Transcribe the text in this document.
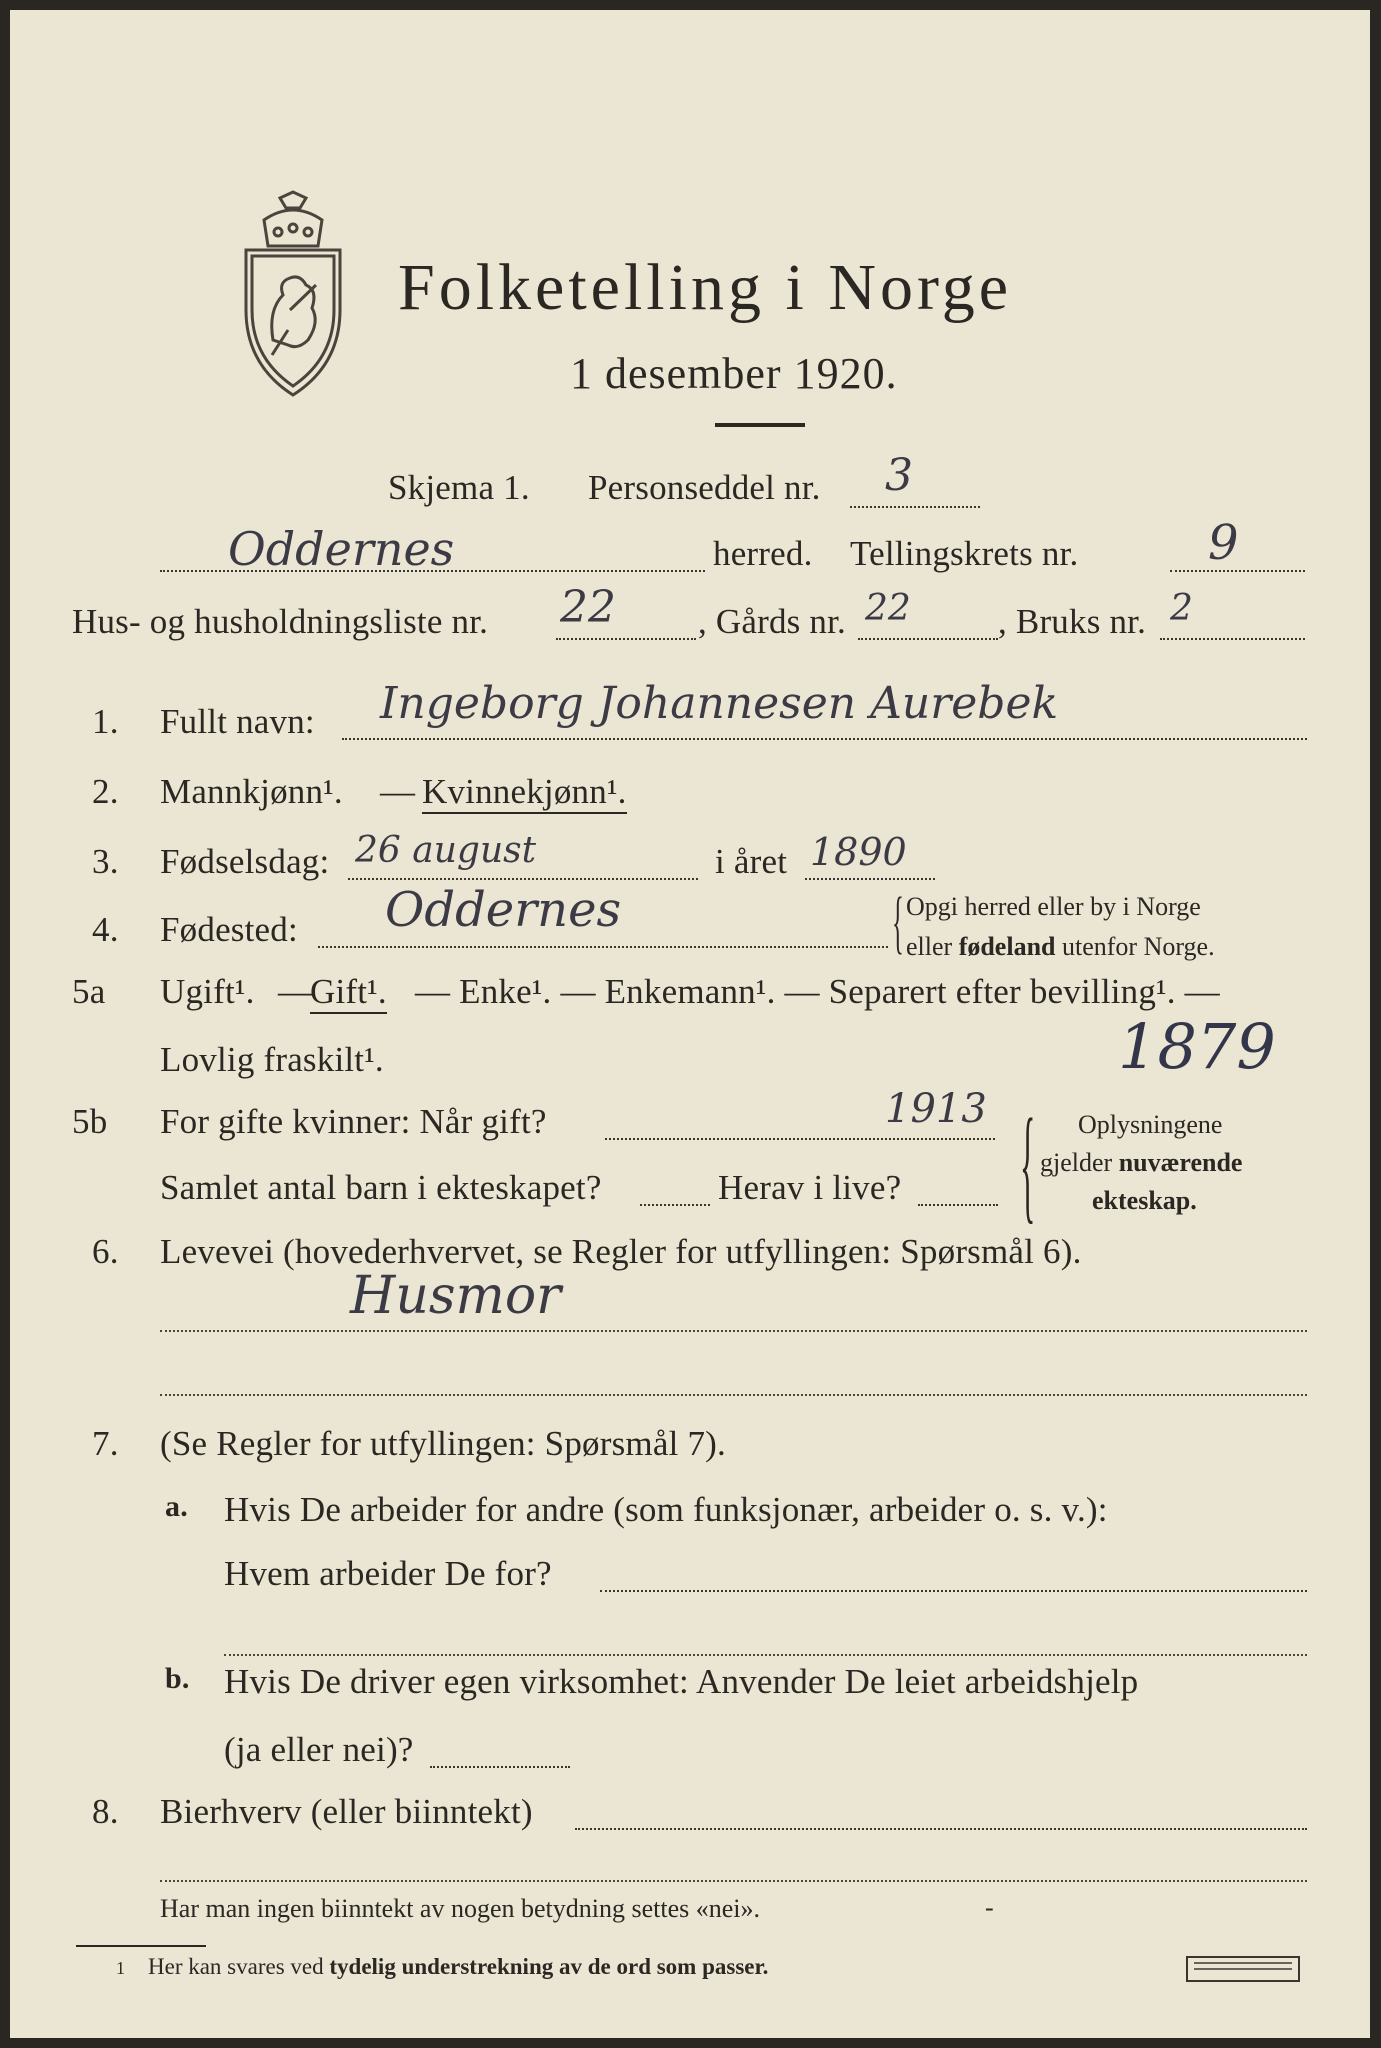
Folketelling i Norge
1 desember 1920.
Skjema 1. Personseddel nr. 3
Oddernes	herred. Tellingskrets nr.	9
Hus- og husholdningsliste nr. 22 , Gårds nr. 22 , Bruks nr. 2
1. Fullt navn: Ingeborg Johannesen Aurebek
2. Mannkjønn¹. — Kvinnekjønn¹.
3. Fødselsdag: 26 august	i året 1890
4. Fødested: Oddernes	{ Opgi herred eller by i Norge
eller fødeland utenfor Norge.
5a Ugift¹. —
Gift¹. — Enke¹. — Enkemann¹. — Separert efter bevilling¹. —
Lovlig fraskilt¹.	1879
5b For gifte kvinner: Når gift?	1913
Samlet antal barn i ekteskapet?	Herav i live? { Oplysningene
gjelder nuværende
ekteskap.
6. Levevei (hovederhvervet, se Regler for utfyllingen: Spørsmål 6).
Husmor
7. (Se Regler for utfyllingen: Spørsmål 7).
a. Hvis De arbeider for andre (som funksjonær, arbeider o. s. v.):
Hvem arbeider De for?
b. Hvis De driver egen virksomhet: Anvender De leiet arbeidshjelp
(ja eller nei)?
8. Bierhverv (eller biinntekt)
Har man ingen biinntekt av nogen betydning settes «nei».	-
1 Her kan svares ved tydelig understrekning av de ord som passer.
